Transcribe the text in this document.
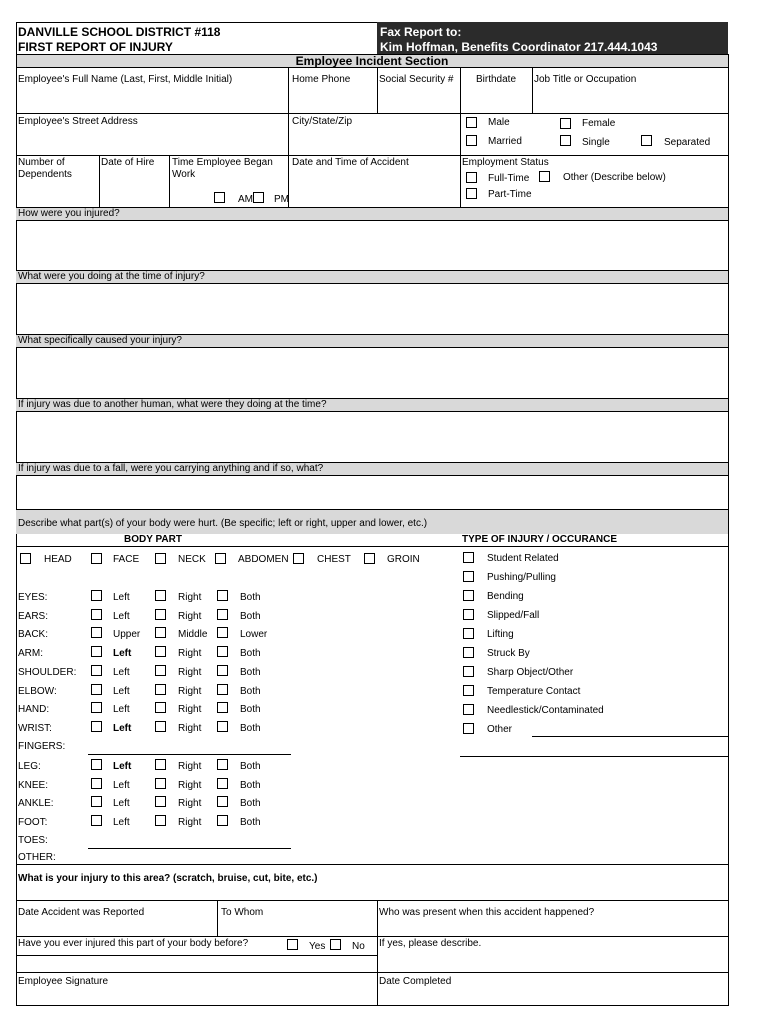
DANVILLE SCHOOL DISTRICT #118
FIRST REPORT OF INJURY
Fax Report to:
Kim Hoffman, Benefits Coordinator 217.444.1043
Employee Incident Section
Employee's Full Name (Last, First, Middle Initial)	Home Phone	Social Security # Birthdate Job Title or Occupation
Employee's Street Address	City/State/Zip	Male	Female
Married	Single	Separated
Number of Dependents
Date of Hire Time Employee Began Work
AM PM
Date and Time of Accident	Employment Status
Full-Time	Other (Describe below)
Part-Time
How were you injured?
What were you doing at the time of injury?
What specifically caused your injury?
If injury was due to another human, what were they doing at the time?
If injury was due to a fall, were you carrying anything and if so, what?
Describe what part(s) of your body were hurt. (Be specific; left or right, upper and lower, etc.)
BODY PART	TYPE OF INJURY / OCCURANCE
FINGERS:
TOES:
OTHER:
What is your injury to this area? (scratch, bruise, cut, bite, etc.)
Date Accident was Reported	To Whom	Who was present when this accident happened?
Have you ever injured this part of your body before?	Yes	No If yes, please describe.
Employee Signature	Date Completed
HEAD	FACE	NECK	ABDOMEN	CHEST	GROIN
EYES:	Left	Right	Both
EARS:	Left	Right	Both
BACK:	Upper	Middle	Lower
ARM:	Left	Right	Both
SHOULDER:	Left	Right	Both
ELBOW:	Left	Right	Both
HAND:	Left	Right	Both
WRIST:	Left	Right	Both
LEG:	Left	Right	Both
KNEE:	Left	Right	Both
ANKLE:	Left	Right	Both
FOOT:	Left	Right	Both
Student Related
Pushing/Pulling
Bending
Slipped/Fall
Lifting
Struck By
Sharp Object/Other
Temperature Contact
Needlestick/Contaminated
Other
